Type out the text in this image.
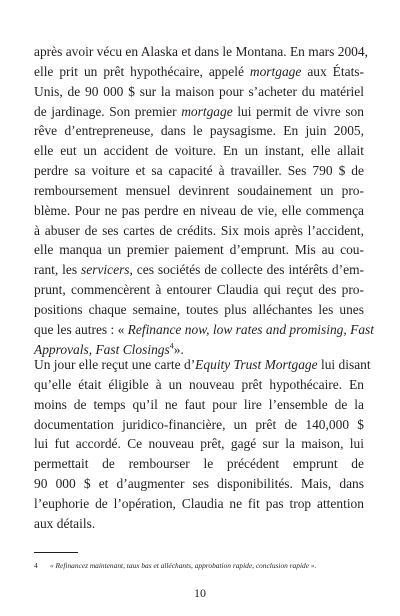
après avoir vécu en Alaska et dans le Montana. En mars 2004,
elle prit un prêt hypothécaire, appelé mortgage aux États-
Unis, de 90 000 $ sur la maison pour s’acheter du matériel
de jardinage. Son premier mortgage lui permit de vivre son
rêve d’entrepreneuse, dans le paysagisme. En juin 2005,
elle eut un accident de voiture. En un instant, elle allait
perdre sa voiture et sa capacité à travailler. Ses 790 $ de
remboursement mensuel devinrent soudainement un pro-
blème. Pour ne pas perdre en niveau de vie, elle commença
à abuser de ses cartes de crédits. Six mois après l’accident,
elle manqua un premier paiement d’emprunt. Mis au cou-
rant, les servicers, ces sociétés de collecte des intérêts d’em-
prunt, commencèrent à entourer Claudia qui reçut des pro-
positions chaque semaine, toutes plus alléchantes les unes
que les autres : « Refinance now, low rates and promising, Fast
Approvals, Fast Closings$^4$».
Un jour elle reçut une carte d’Equity Trust Mortgage lui disant
qu’elle était éligible à un nouveau prêt hypothécaire. En
moins de temps qu’il ne faut pour lire l’ensemble de la
documentation juridico-financière, un prêt de 140,000 $
lui fut accordé. Ce nouveau prêt, gagé sur la maison, lui
permettait de rembourser le précédent emprunt de
90 000 $ et d’augmenter ses disponibilités. Mais, dans
l’euphorie de l’opération, Claudia ne fit pas trop attention
aux détails.
4 « Refinancez maintenant, taux bas et alléchants, approbation rapide, conclusion rapide ».
10
